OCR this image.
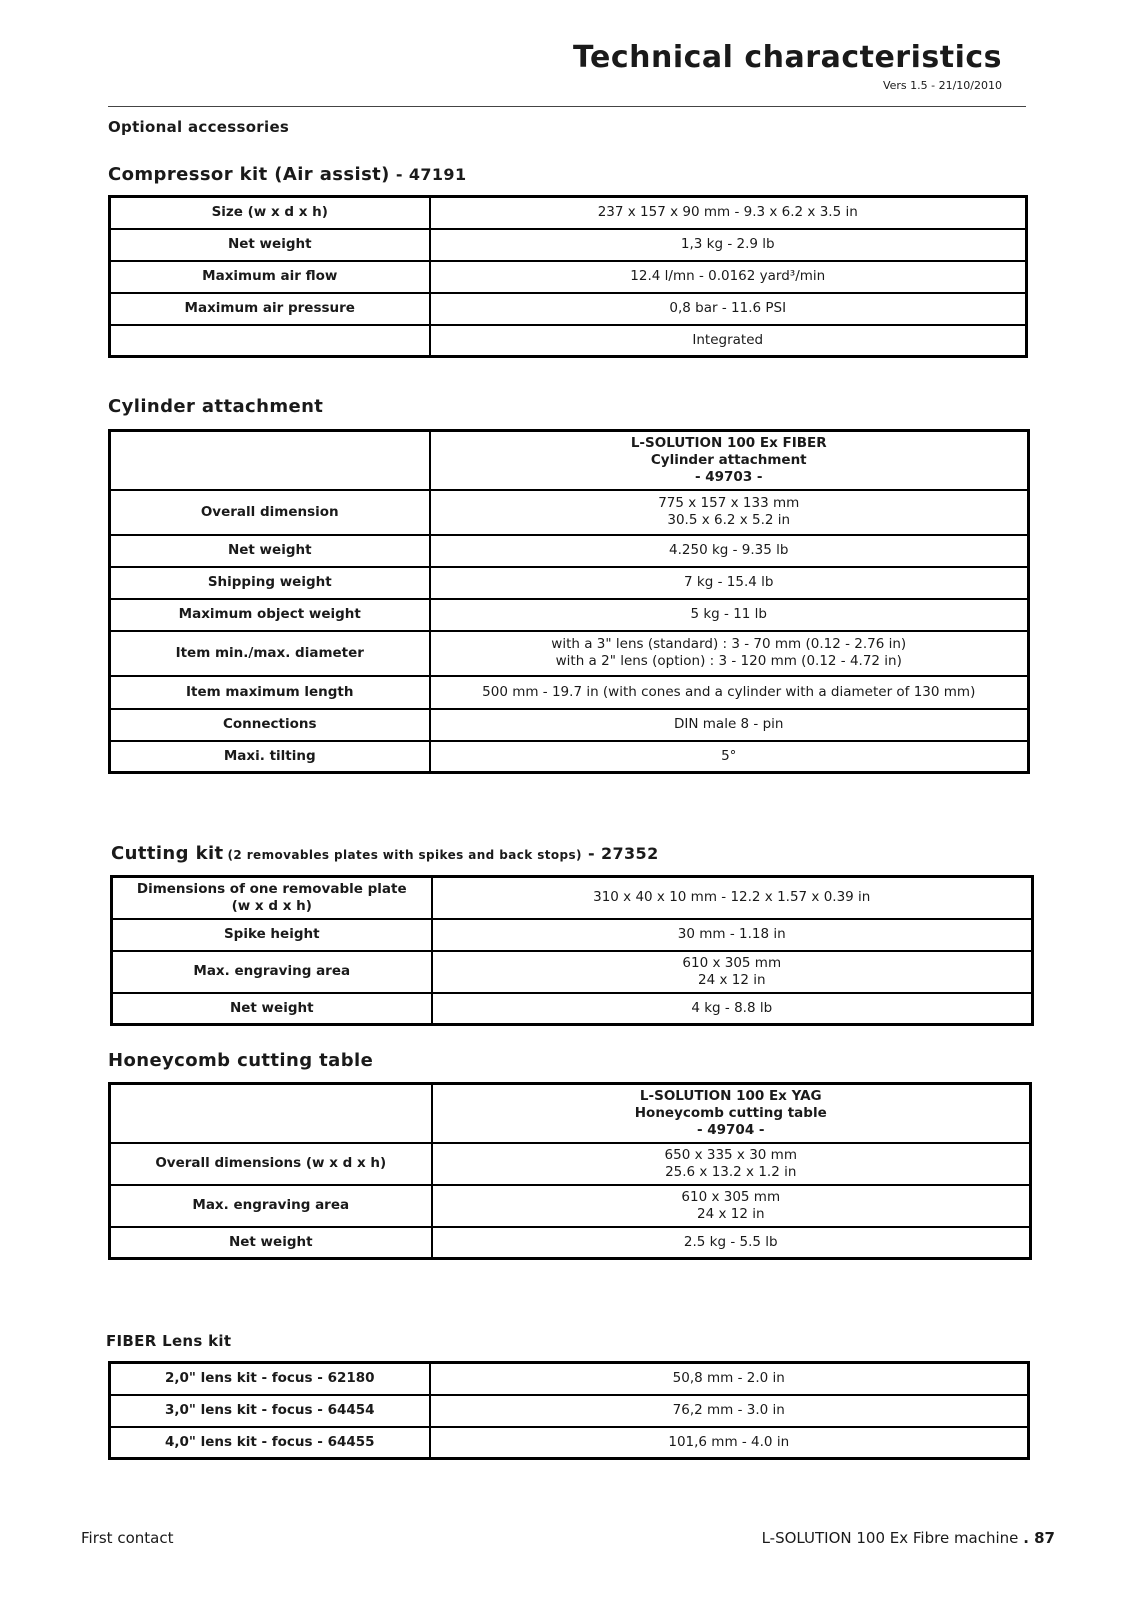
Technical characteristics
Vers 1.5 - 21/10/2010
Optional accessories
Compressor kit (Air assist) - 47191
Size (w x d x h)	237 x 157 x 90 mm - 9.3 x 6.2 x 3.5 in
Net weight	1,3 kg - 2.9 lb
Maximum air flow	12.4 l/mn - 0.0162 yard³/min
Maximum air pressure	0,8 bar - 11.6 PSI
	Integrated
Cylinder attachment

	L-SOLUTION 100 Ex FIBER
Cylinder attachment
- 49703 -

Overall dimension	775 x 157 x 133 mm
30.5 x 6.2 x 5.2 in

Net weight	4.250 kg - 9.35 lb
Shipping weight	7 kg - 15.4 lb
Maximum object weight	5 kg - 11 lb
Item min./max. diameter	with a 3" lens (standard) : 3 - 70 mm (0.12 - 2.76 in)
with a 2" lens (option) : 3 - 120 mm (0.12 - 4.72 in)

Item maximum length	500 mm - 19.7 in (with cones and a cylinder with a diameter of 130 mm)
Connections	DIN male 8 - pin
Maxi. tilting	5°
Cutting kit (2 removables plates with spikes and back stops) - 27352
Dimensions of one removable plate
(w x d x h)	310 x 40 x 10 mm - 12.2 x 1.57 x 0.39 in
Spike height	30 mm - 1.18 in
Max. engraving area	610 x 305 mm
24 x 12 in

Net weight	4 kg - 8.8 lb
Honeycomb cutting table

	L-SOLUTION 100 Ex YAG
Honeycomb cutting table
- 49704 -

Overall dimensions (w x d x h)	650 x 335 x 30 mm
25.6 x 13.2 x 1.2 in

Max. engraving area	610 x 305 mm
24 x 12 in

Net weight	2.5 kg - 5.5 lb
FIBER Lens kit
2,0" lens kit - focus - 62180	50,8 mm - 2.0 in
3,0" lens kit - focus - 64454	76,2 mm - 3.0 in
4,0" lens kit - focus - 64455	101,6 mm - 4.0 in
First contact	L-SOLUTION 100 Ex Fibre machine . 87
